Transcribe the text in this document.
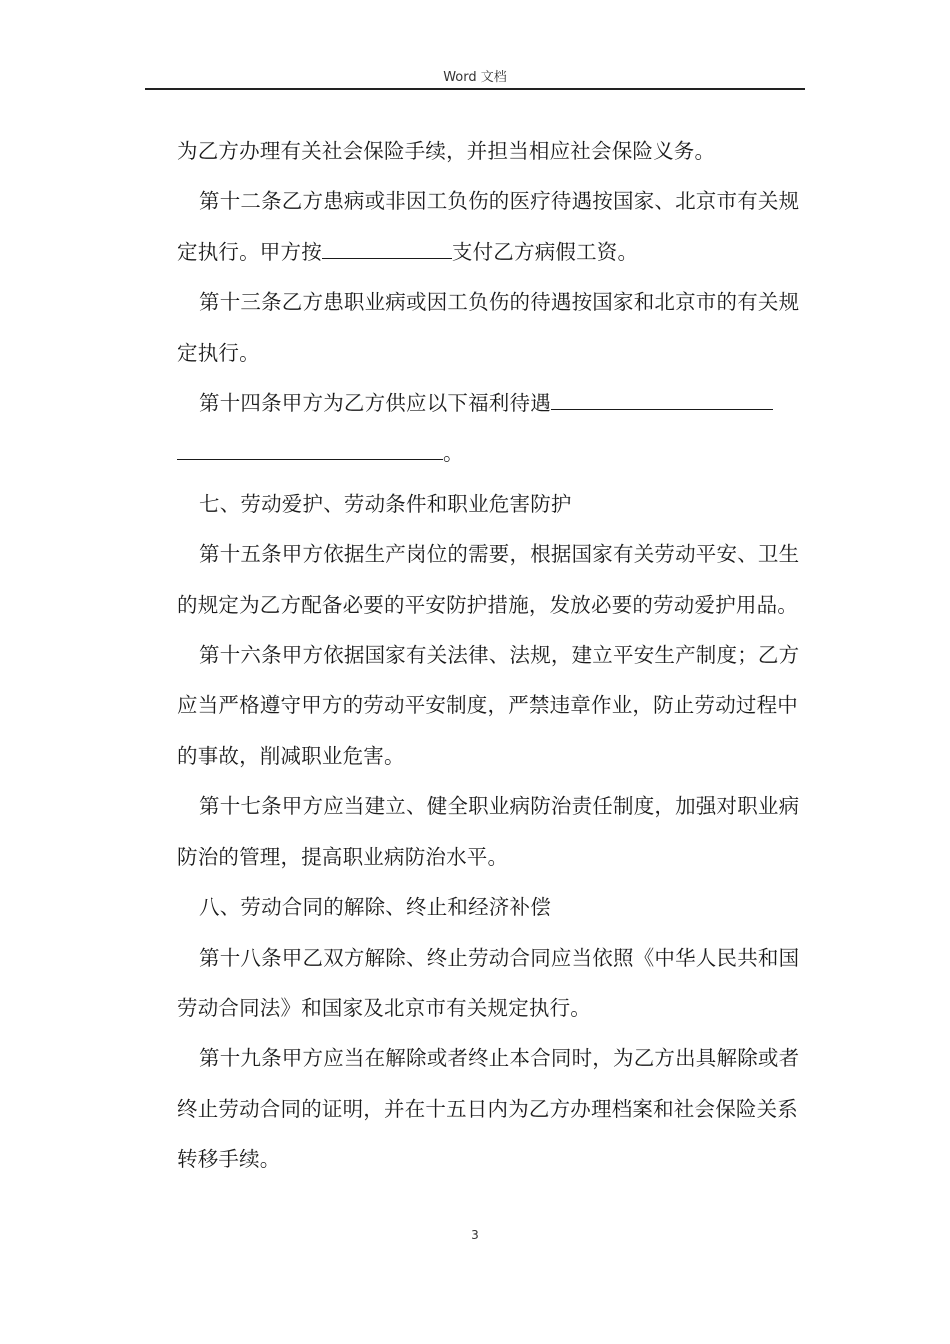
Word 文档

为乙方办理有关社会保险手续，并担当相应社会保险义务。

第十二条乙方患病或非因工负伤的医疗待遇按国家、北京市有关规定执行。甲方按	支付乙方病假工资。

第十三条乙方患职业病或因工负伤的待遇按国家和北京市的有关规定执行。

第十四条甲方为乙方供应以下福利待遇
。

七、劳动爱护、劳动条件和职业危害防护

第十五条甲方依据生产岗位的需要，根据国家有关劳动平安、卫生的规定为乙方配备必要的平安防护措施，发放必要的劳动爱护用品。

第十六条甲方依据国家有关法律、法规，建立平安生产制度；乙方应当严格遵守甲方的劳动平安制度，严禁违章作业，防止劳动过程中的事故，削减职业危害。

第十七条甲方应当建立、健全职业病防治责任制度，加强对职业病防治的管理，提高职业病防治水平。

八、劳动合同的解除、终止和经济补偿

第十八条甲乙双方解除、终止劳动合同应当依照《中华人民共和国劳动合同法》和国家及北京市有关规定执行。

第十九条甲方应当在解除或者终止本合同时，为乙方出具解除或者终止劳动合同的证明，并在十五日内为乙方办理档案和社会保险关系转移手续。

3
